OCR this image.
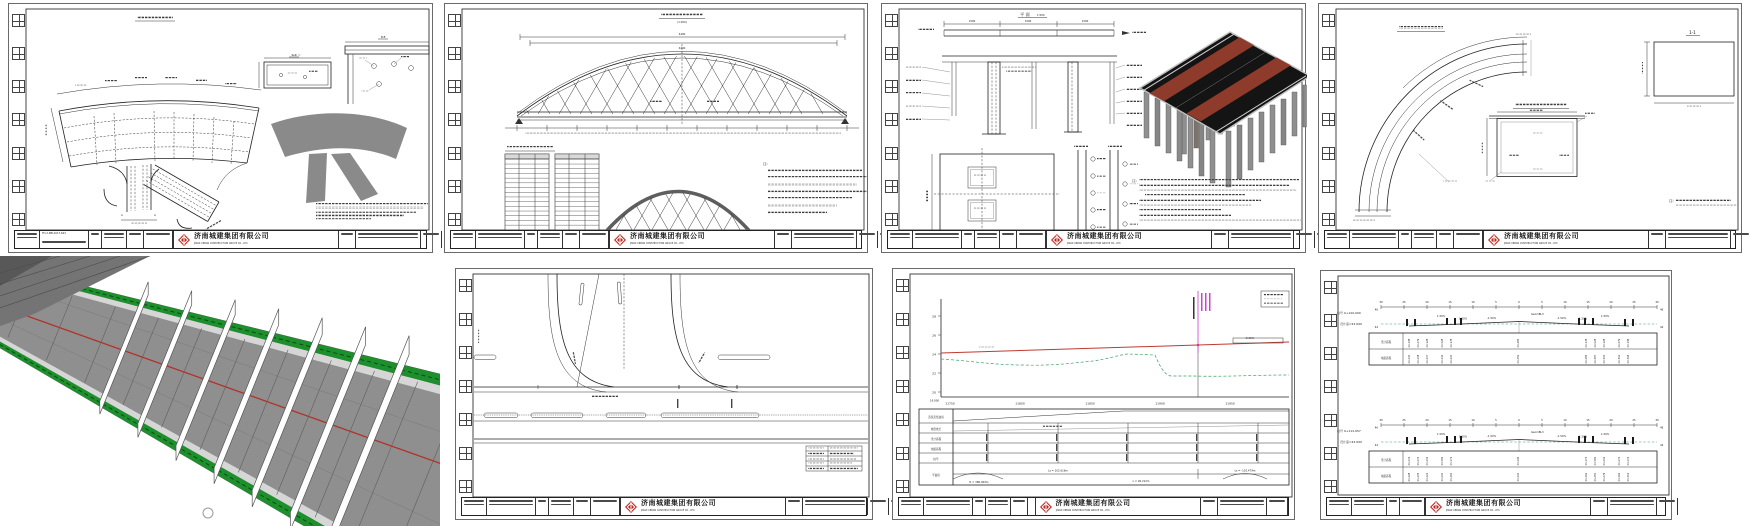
A	A
B-B
TH-2-MB-2017-643	济南城建集团有限公司
JINAN URBAN CONSTRUCTION GROUP CO., LTD.
(1:200)
4400
4200
注:
济南城建集团有限公司
JINAN URBAN CONSTRUCTION GROUP CO., LTD.
平 面	1:500
1500	1500	1500
注:
济南城建集团有限公司
JINAN URBAN CONSTRUCTION GROUP CO., LTD.
1-1
注:
济南城建集团有限公司
JINAN URBAN CONSTRUCTION GROUP CO., LTD.
济南城建集团有限公司
JINAN URBAN CONSTRUCTION GROUP CO., LTD.
28
26
24
22
20
19.000
11750	11800	11850	11900	11950
-0.30%
直线及竖曲线
坡度坡长
设计高程
地面高程
桩号
平曲线
R = 380.004m
Ls = 102.616m
L = 26.212m
Ls = -102.479m
济南城建集团有限公司
JINAN URBAN CONSTRUCTION GROUP CO., LTD.
30	25	20	15	10	5	0	5	10	15	20	25	30
桩号 0+120.000
设计高=43.000
46
44
46
44
1.50%
1.50%	-1.50%
GeomBL3
-1.50%	1.50%
1.50%
设计高程
地面高程
44.138	44.279	44.128	44.028	44.178	44.283	44.178	44.028	44.128	44.279	44.138
44.234	44.248	44.247	44.242	44.240	44.252	44.283	44.287	44.301	44.312	44.318
30	25	20	15	10	5	0	5	10	15	20	25	30
桩号 0+112.957
设计高=43.000
46
44
46
44
1.50%
1.50%	-1.50%
GeomBL3
-1.50%	1.50%
1.50%
设计高程
地面高程
44.272	44.272	44.231	44.081	44.171	44.236	44.171	44.081	44.231	44.272	44.272
44.228	44.205	44.221	44.240	44.260	44.240	44.262	44.250	44.279	44.291	44.301
济南城建集团有限公司
JINAN URBAN CONSTRUCTION GROUP CO., LTD.
